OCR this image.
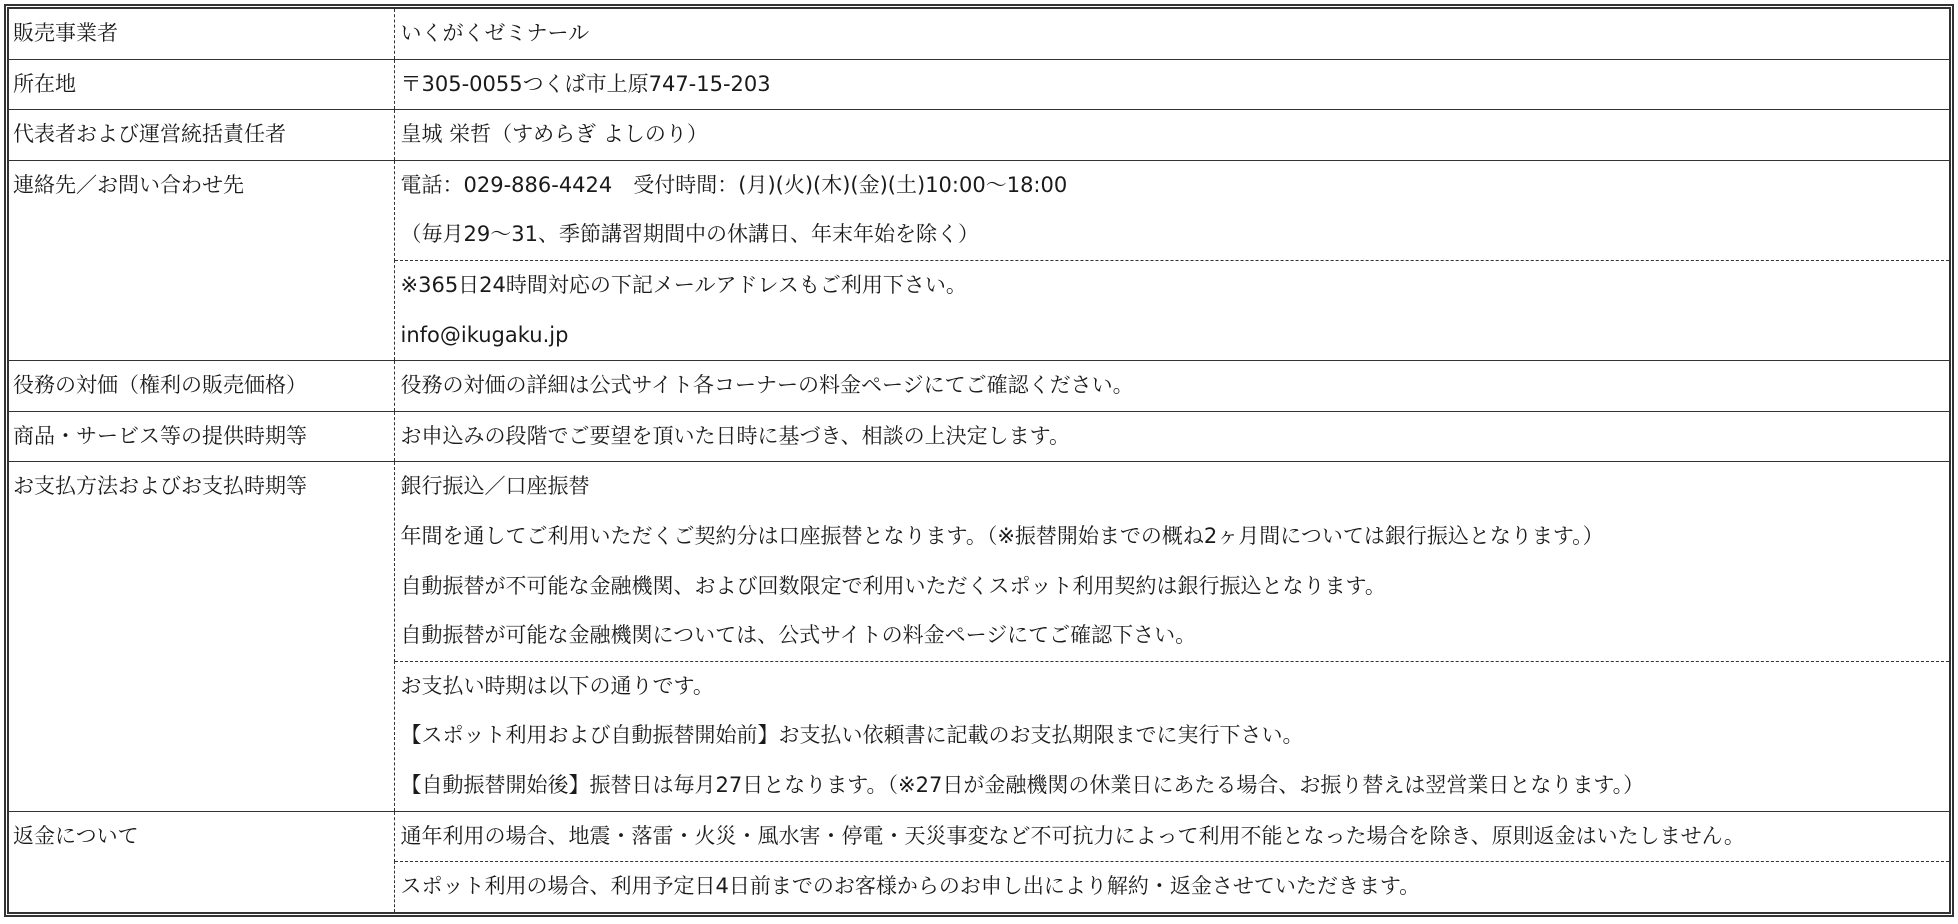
販売事業者	いくがくゼミナール

所在地	〒305-0055つくば市上原747-15-203

代表者および運営統括責任者	皇城 栄哲（すめらぎ よしのり）

連絡先／お問い合わせ先	電話：029-886-4424　受付時間：(月)(火)(木)(金)(土)10:00〜18:00
（毎月29〜31、季節講習期間中の休講日、年末年始を除く）

	※365日24時間対応の下記メールアドレスもご利用下さい。
info@ikugaku.jp

役務の対価（権利の販売価格）	役務の対価の詳細は公式サイト各コーナーの料金ページにてご確認ください。

商品・サービス等の提供時期等	お申込みの段階でご要望を頂いた日時に基づき、相談の上決定します。

お支払方法およびお支払時期等	銀行振込／口座振替
年間を通してご利用いただくご契約分は口座振替となります。（※振替開始までの概ね2ヶ月間については銀行振込となります。）
自動振替が不可能な金融機関、および回数限定で利用いただくスポット利用契約は銀行振込となります。
自動振替が可能な金融機関については、公式サイトの料金ページにてご確認下さい。

	お支払い時期は以下の通りです。
【スポット利用および自動振替開始前】お支払い依頼書に記載のお支払期限までに実行下さい。
【自動振替開始後】振替日は毎月27日となります。（※27日が金融機関の休業日にあたる場合、お振り替えは翌営業日となります。）

返金について	通年利用の場合、地震・落雷・火災・風水害・停電・天災事変など不可抗力によって利用不能となった場合を除き、原則返金はいたしません。

	スポット利用の場合、利用予定日4日前までのお客様からのお申し出により解約・返金させていただきます。
